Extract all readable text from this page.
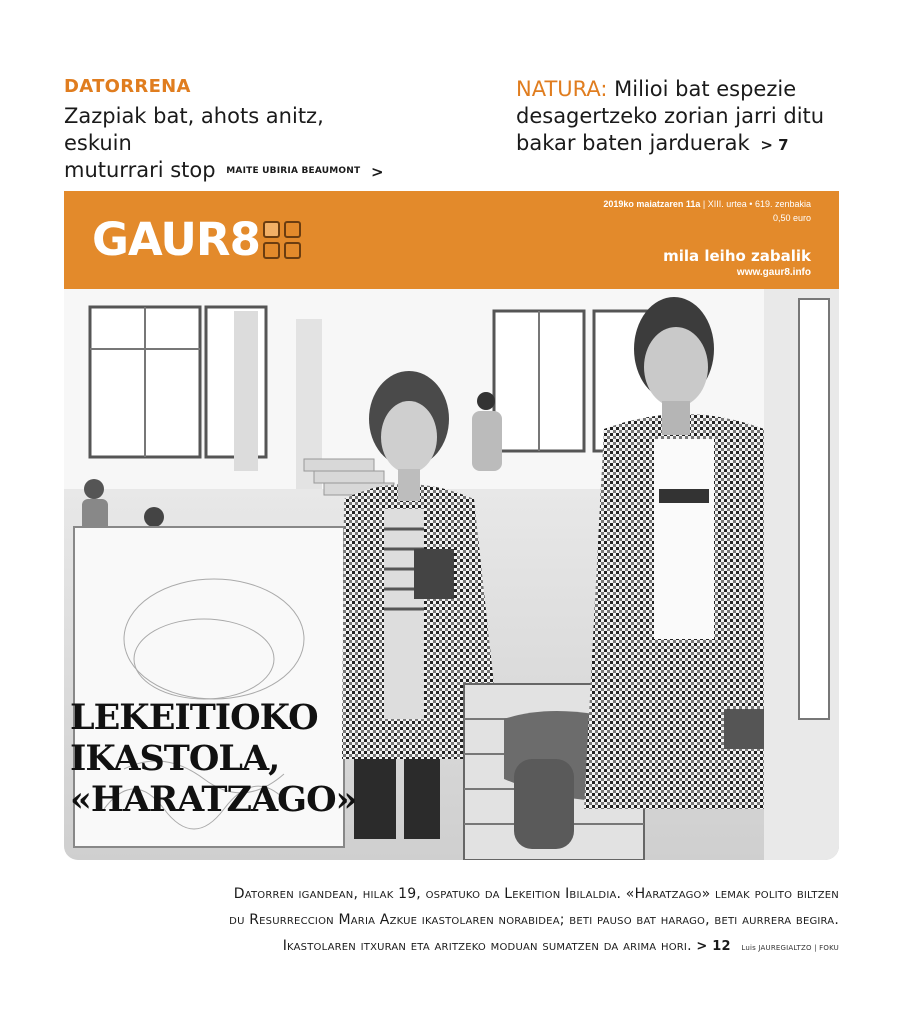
DATORRENA
Zazpiak bat, ahots anitz, eskuin
muturrari stop MAITE UBIRIA BEAUMONT >
NATURA: Milioi bat espezie
desagertzeko zorian jarri ditu
bakar baten jarduerak > 7
GAUR8
2019ko maiatzaren 11a | XIII. urtea • 619. zenbakia
0,50 euro
mila leiho zabalik
www.gaur8.info
LEKEITIOKO
IKASTOLA,
«HARATZAGO»
Datorren igandean, hilak 19, ospatuko da Lekeition Ibilaldia. «Haratzago» lemak polito biltzen
du Resurreccion Maria Azkue ikastolaren norabidea; beti pauso bat harago, beti aurrera begira.
Ikastolaren itxuran eta aritzeko moduan sumatzen da arima hori. > 12 Luis JAUREGIALTZO | FOKU
